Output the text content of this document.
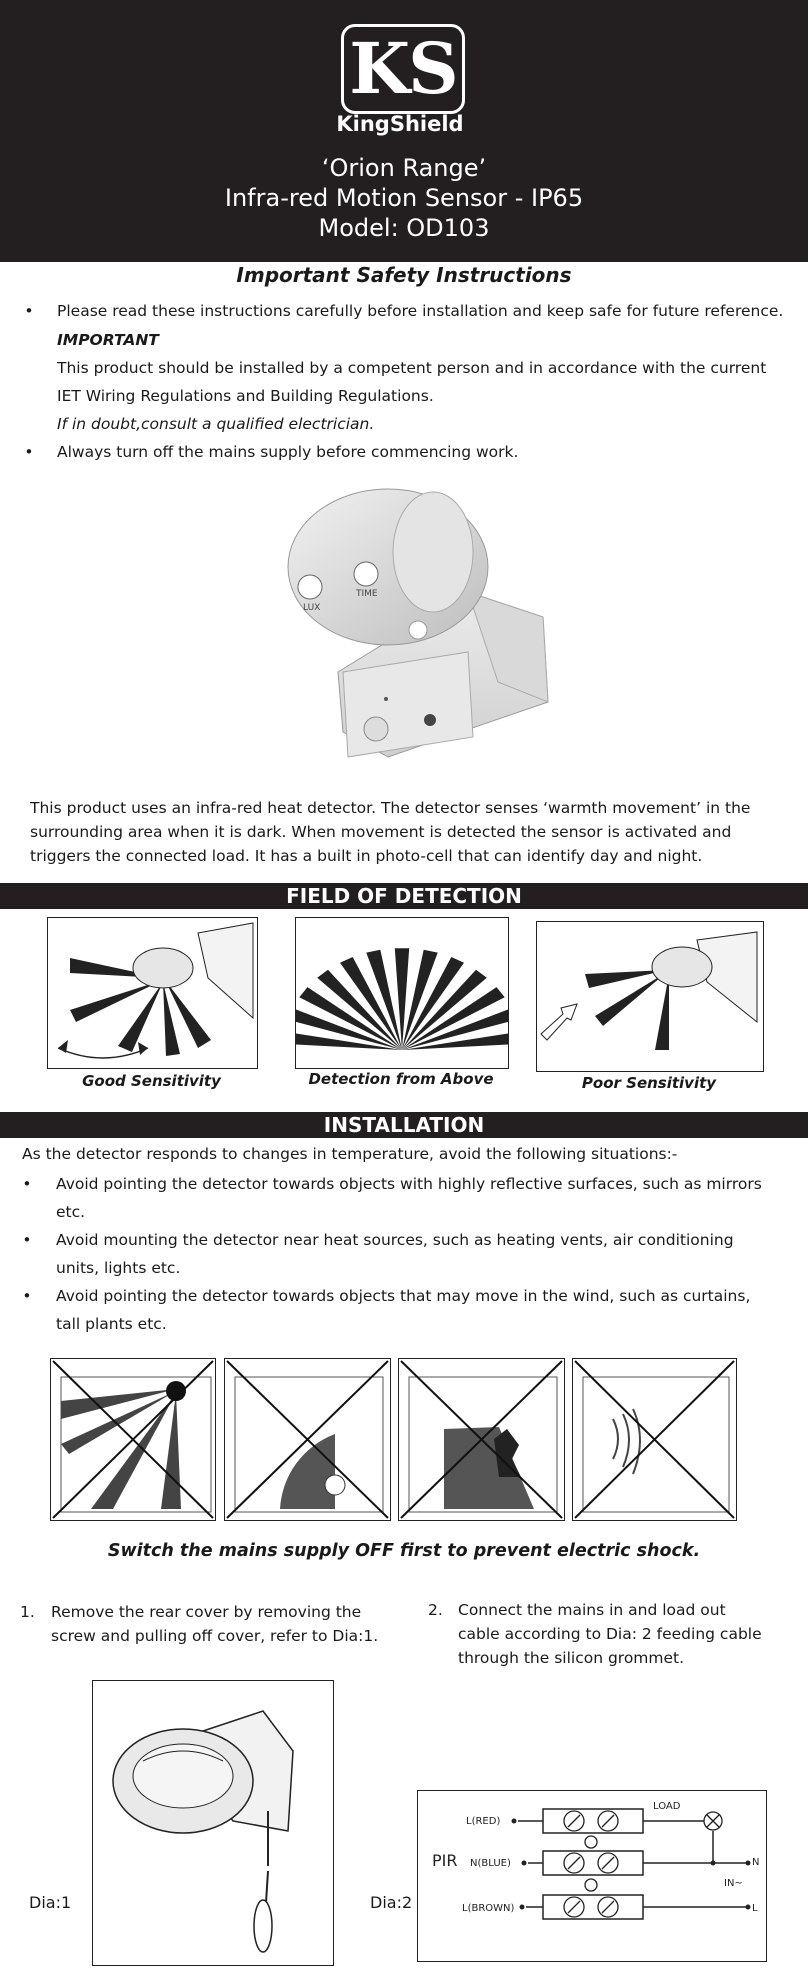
KS
KingShield
‘Orion Range’
Infra-red Motion Sensor - IP65
Model: OD103
Important Safety Instructions
• Please read these instructions carefully before installation and keep safe for future reference.
IMPORTANT
This product should be installed by a competent person and in accordance with the current
IET Wiring Regulations and Building Regulations.
If in doubt,consult a qualified electrician.
• Always turn off the mains supply before commencing work.
LUX
TIME
This product uses an infra-red heat detector. The detector senses ‘warmth movement’ in the
surrounding area when it is dark. When movement is detected the sensor is activated and
triggers the connected load. It has a built in photo-cell that can identify day and night.
FIELD OF DETECTION
Good Sensitivity	Detection from Above	Poor Sensitivity
INSTALLATION
As the detector responds to changes in temperature, avoid the following situations:-
• Avoid pointing the detector towards objects with highly reflective surfaces, such as mirrors
etc.
• Avoid mounting the detector near heat sources, such as heating vents, air conditioning
units, lights etc.
• Avoid pointing the detector towards objects that may move in the wind, such as curtains,
tall plants etc.
Switch the mains supply OFF first to prevent electric shock.
1. Remove the rear cover by removing the
screw and pulling off cover, refer to Dia:1.
2. Connect the mains in and load out
cable according to Dia: 2 feeding cable
through the silicon grommet.
Dia:1	Dia:2
L(RED)
PIR N(BLUE)
L(BROWN)
LOAD
N
IN~
L
